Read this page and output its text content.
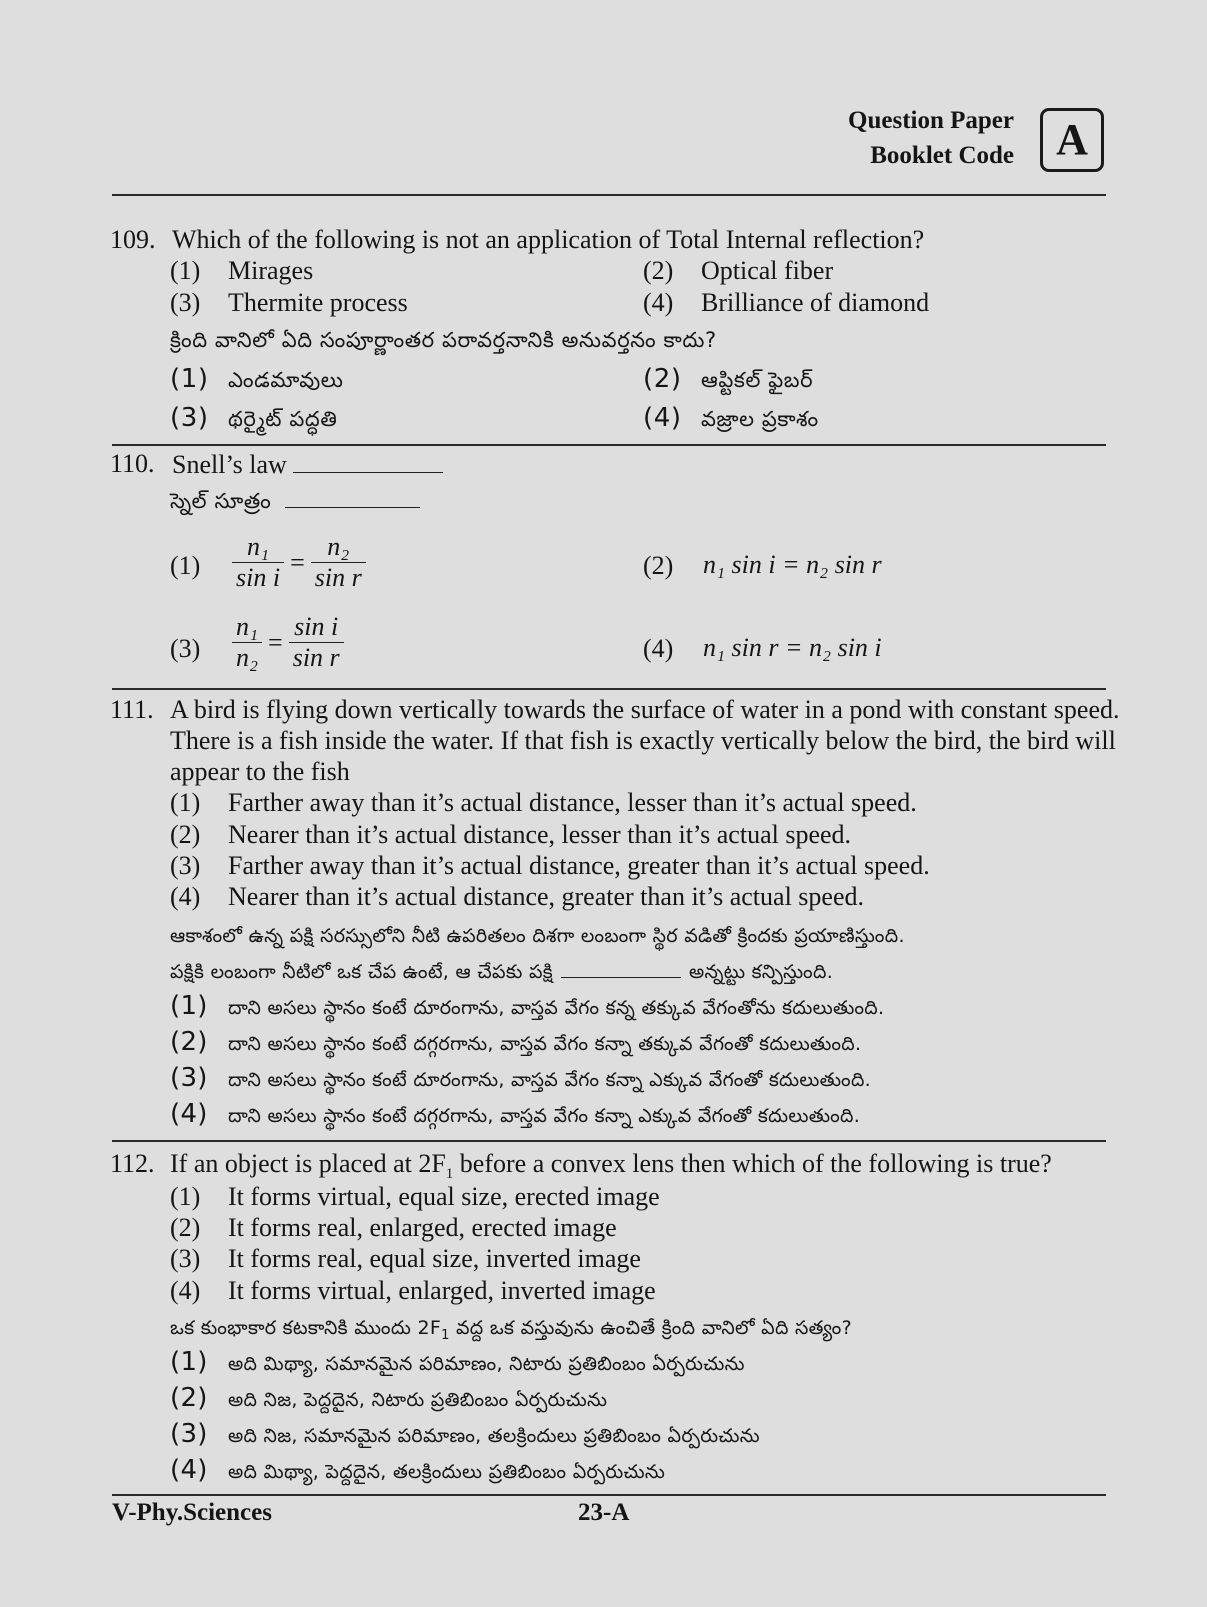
Question Paper
Booklet Code A
109. Which of the following is not an application of Total Internal reflection?
(1) Mirages	(2) Optical fiber
(3) Thermite process	(4) Brilliance of diamond
క్రింది వానిలో ఏది సంపూర్ణాంతర పరావర్తనానికి అనువర్తనం కాదు?
(1) ఎండమావులు	(2) ఆప్టికల్ ఫైబర్
(3) థర్మైట్ పద్ధతి	(4) వజ్రాల ప్రకాశం
110. Snell’s law
స్నెల్ సూత్రం
$(1) \frac{\text{n₁}}{\text{sin i}} = \frac{\text{n₂}}{\text{sin r}}$	(2) n₁ sin i = n₂ sin r
$(3) \frac{\text{n₁}}{\text{n₂}} = \frac{\text{sin i}}{\text{sin r}}$	(4) n₁ sin r = n₂ sin i
111. A bird is flying down vertically towards the surface of water in a pond with constant speed.
There is a fish inside the water. If that fish is exactly vertically below the bird, the bird will
appear to the fish
(1) Farther away than it’s actual distance, lesser than it’s actual speed.
(2) Nearer than it’s actual distance, lesser than it’s actual speed.
(3) Farther away than it’s actual distance, greater than it’s actual speed.
(4) Nearer than it’s actual distance, greater than it’s actual speed.
ఆకాశంలో ఉన్న పక్షి సరస్సులోని నీటి ఉపరితలం దిశగా లంబంగా స్థిర వడితో క్రిందకు ప్రయాణిస్తుంది.
పక్షికి లంబంగా నీటిలో ఒక చేప ఉంటే, ఆ చేపకు పక్షి	అన్నట్టు కన్పిస్తుంది.
(1) దాని అసలు స్థానం కంటే దూరంగాను, వాస్తవ వేగం కన్న తక్కువ వేగంతోను కదులుతుంది.
(2) దాని అసలు స్థానం కంటే దగ్గరగాను, వాస్తవ వేగం కన్నా తక్కువ వేగంతో కదులుతుంది.
(3) దాని అసలు స్థానం కంటే దూరంగాను, వాస్తవ వేగం కన్నా ఎక్కువ వేగంతో కదులుతుంది.
(4) దాని అసలు స్థానం కంటే దగ్గరగాను, వాస్తవ వేగం కన్నా ఎక్కువ వేగంతో కదులుతుంది.
112. If an object is placed at $2F_1$ before a convex lens then which of the following is true?
(1) It forms virtual, equal size, erected image
(2) It forms real, enlarged, erected image
(3) It forms real, equal size, inverted image
(4) It forms virtual, enlarged, inverted image
ఒక కుంభాకార కటకానికి ముందు $2F_1$ వద్ద ఒక వస్తువును ఉంచితే క్రింది వానిలో ఏది సత్యం?
(1) అది మిథ్యా, సమానమైన పరిమాణం, నిటారు ప్రతిబింబం ఏర్పరుచును
(2) అది నిజ, పెద్దదైన, నిటారు ప్రతిబింబం ఏర్పరుచును
(3) అది నిజ, సమానమైన పరిమాణం, తలక్రిందులు ప్రతిబింబం ఏర్పరుచును
(4) అది మిథ్యా, పెద్దదైన, తలక్రిందులు ప్రతిబింబం ఏర్పరుచును
V-Phy.Sciences	23-A
